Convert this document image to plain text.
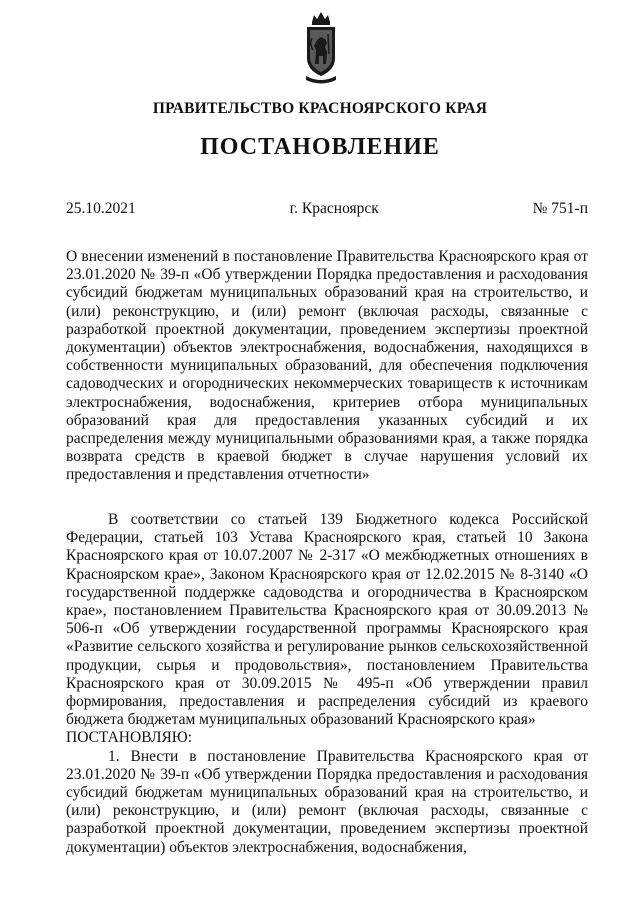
ПРАВИТЕЛЬСТВО КРАСНОЯРСКОГО КРАЯ
ПОСТАНОВЛЕНИЕ
25.10.2021	г. Красноярск	№ 751-п
О внесении изменений в постановление Правительства Красноярского края от 23.01.2020 № 39-п «Об утверждении Порядка предоставления и расходования субсидий бюджетам муниципальных образований края на строительство, и (или) реконструкцию, и (или) ремонт (включая расходы, связанные с разработкой проектной документации, проведением экспертизы проектной документации) объектов электроснабжения, водоснабжения, находящихся в собственности муниципальных образований, для обеспечения подключения садоводческих и огороднических некоммерческих товариществ к источникам электроснабжения, водоснабжения, критериев отбора муниципальных образований края для предоставления указанных субсидий и их распределения между муниципальными образованиями края, а также порядка возврата средств в краевой бюджет в случае нарушения условий их предоставления и представления отчетности»

В соответствии со статьей 139 Бюджетного кодекса Российской Федерации, статьей 103 Устава Красноярского края, статьей 10 Закона Красноярского края от 10.07.2007 № 2-317 «О межбюджетных отношениях в Красноярском крае», Законом Красноярского края от 12.02.2015 № 8-3140 «О государственной поддержке садоводства и огородничества в Красноярском крае», постановлением Правительства Красноярского края от 30.09.2013 № 506-п «Об утверждении государственной программы Красноярского края «Развитие сельского хозяйства и регулирование рынков сельскохозяйственной продукции, сырья и продовольствия», постановлением Правительства Красноярского края от 30.09.2015 № 495-п «Об утверждении правил формирования, предоставления и распределения субсидий из краевого бюджета бюджетам муниципальных образований Красноярского края»

ПОСТАНОВЛЯЮ:

1. Внести в постановление Правительства Красноярского края от 23.01.2020 № 39-п «Об утверждении Порядка предоставления и расходования субсидий бюджетам муниципальных образований края на строительство, и (или) реконструкцию, и (или) ремонт (включая расходы, связанные с разработкой проектной документации, проведением экспертизы проектной документации) объектов электроснабжения, водоснабжения,
